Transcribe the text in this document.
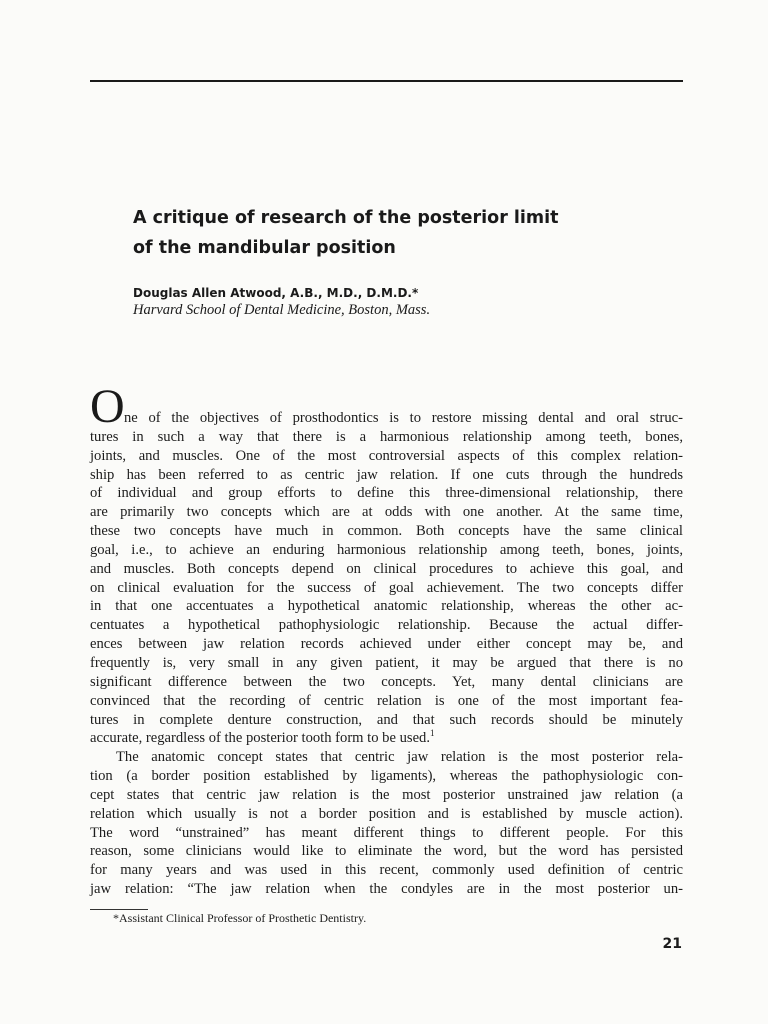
A critique of research of the posterior limit
of the mandibular position
Douglas Allen Atwood, A.B., M.D., D.M.D.*
Harvard School of Dental Medicine, Boston, Mass.
O ne of the objectives of prosthodontics is to restore missing dental and oral struc-
tures in such a way that there is a harmonious relationship among teeth, bones,
joints, and muscles. One of the most controversial aspects of this complex relation-
ship has been referred to as centric jaw relation. If one cuts through the hundreds
of individual and group efforts to define this three-dimensional relationship, there
are primarily two concepts which are at odds with one another. At the same time,
these two concepts have much in common. Both concepts have the same clinical
goal, i.e., to achieve an enduring harmonious relationship among teeth, bones, joints,
and muscles. Both concepts depend on clinical procedures to achieve this goal, and
on clinical evaluation for the success of goal achievement. The two concepts differ
in that one accentuates a hypothetical anatomic relationship, whereas the other ac-
centuates a hypothetical pathophysiologic relationship. Because the actual differ-
ences between jaw relation records achieved under either concept may be, and
frequently is, very small in any given patient, it may be argued that there is no
significant difference between the two concepts. Yet, many dental clinicians are
convinced that the recording of centric relation is one of the most important fea-
tures in complete denture construction, and that such records should be minutely
accurate, regardless of the posterior tooth form to be used.$^1$
The anatomic concept states that centric jaw relation is the most posterior rela-
tion (a border position established by ligaments), whereas the pathophysiologic con-
cept states that centric jaw relation is the most posterior unstrained jaw relation (a
relation which usually is not a border position and is established by muscle action).
The word “unstrained” has meant different things to different people. For this
reason, some clinicians would like to eliminate the word, but the word has persisted
for many years and was used in this recent, commonly used definition of centric
jaw relation: “The jaw relation when the condyles are in the most posterior un-
*Assistant Clinical Professor of Prosthetic Dentistry.
21
